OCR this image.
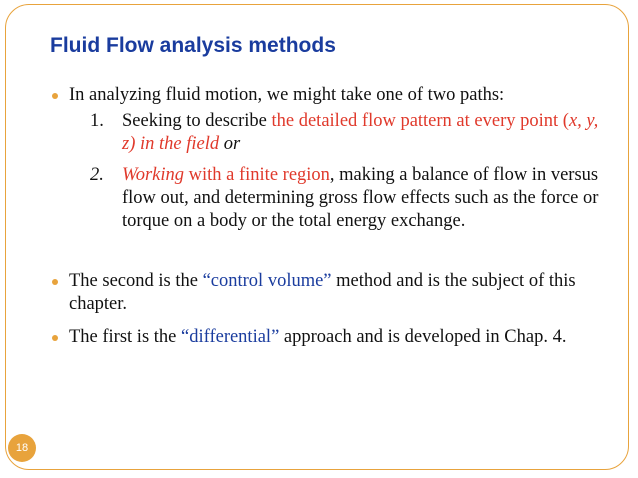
Fluid Flow analysis methods
In analyzing fluid motion, we might take one of two paths:
1. Seeking to describe the detailed flow pattern at every point (x, y, z) in the field or
2. Working with a finite region, making a balance of flow in versus flow out, and determining gross flow effects such as the force or torque on a body or the total energy exchange.
The second is the “control volume” method and is the subject of this chapter.
The first is the “differential” approach and is developed in Chap. 4.
18
